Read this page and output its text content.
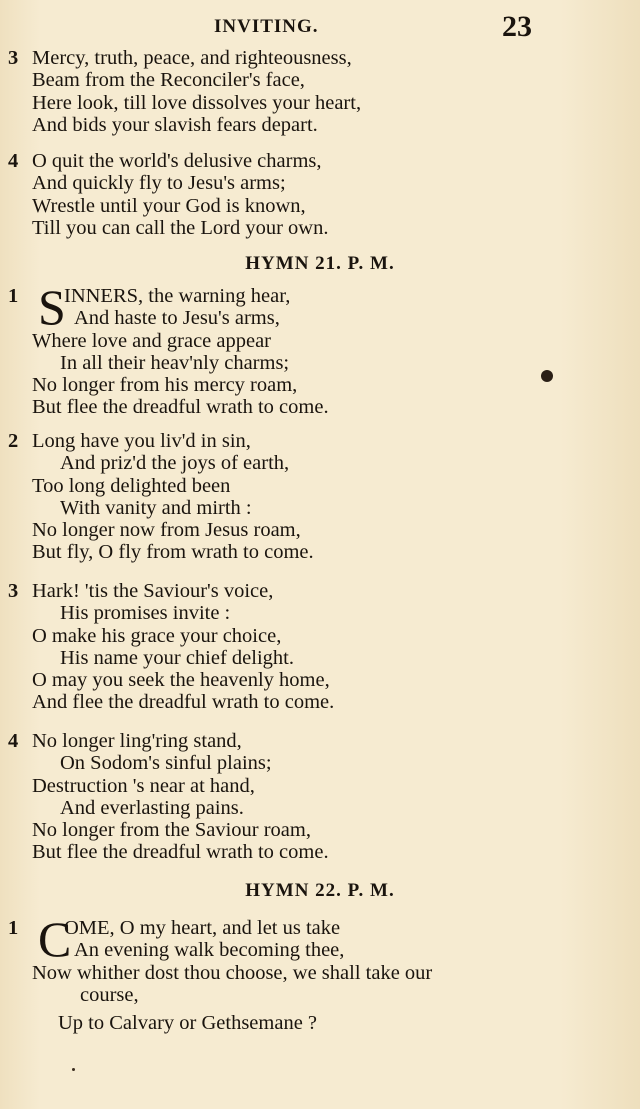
INVITING.	23
3 Mercy, truth, peace, and righteousness,
Beam from the Reconciler's face,
Here look, till love dissolves your heart,
And bids your slavish fears depart.
4 O quit the world's delusive charms,
And quickly fly to Jesu's arms;
Wrestle until your God is known,
Till you can call the Lord your own.
HYMN 21. P. M.
S
1 INNERS, the warning hear,
And haste to Jesu's arms,
Where love and grace appear
In all their heav'nly charms;
No longer from his mercy roam,
But flee the dreadful wrath to come.
2 Long have you liv'd in sin,
And priz'd the joys of earth,
Too long delighted been
With vanity and mirth :
No longer now from Jesus roam,
But fly, O fly from wrath to come.
3 Hark! 'tis the Saviour's voice,
His promises invite :
O make his grace your choice,
His name your chief delight.
O may you seek the heavenly home,
And flee the dreadful wrath to come.
4 No longer ling'ring stand,
On Sodom's sinful plains;
Destruction 's near at hand,
And everlasting pains.
No longer from the Saviour roam,
But flee the dreadful wrath to come.
HYMN 22. P. M.
C
1 OME, O my heart, and let us take
An evening walk becoming thee,
Now whither dost thou choose, we shall take our
course,
Up to Calvary or Gethsemane ?
